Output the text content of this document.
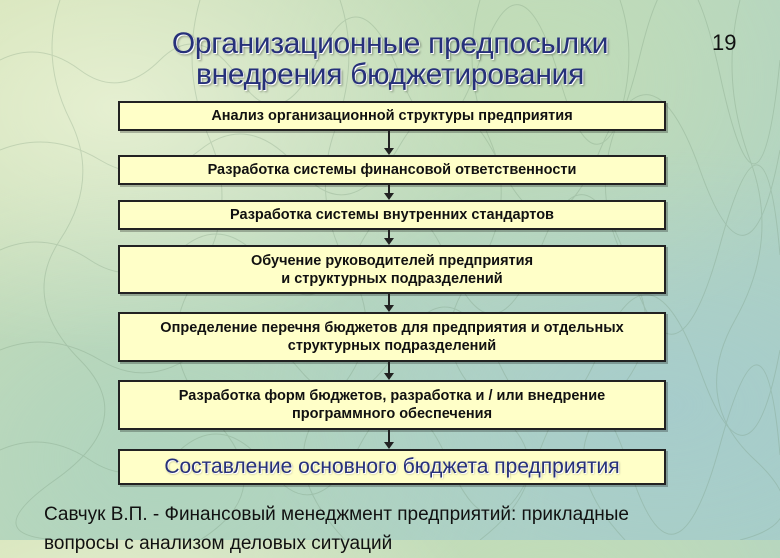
Организационные предпосылки
внедрения бюджетирования
19
Анализ организационной структуры предприятия
Разработка системы финансовой ответственности
Разработка системы внутренних стандартов
Обучение руководителей предприятия
и структурных подразделений
Определение перечня бюджетов для предприятия и отдельных
структурных подразделений
Разработка форм бюджетов, разработка и / или внедрение
программного обеспечения
Составление основного бюджета предприятия
Савчук В.П. - Финансовый менеджмент предприятий: прикладные
вопросы с анализом деловых ситуаций
